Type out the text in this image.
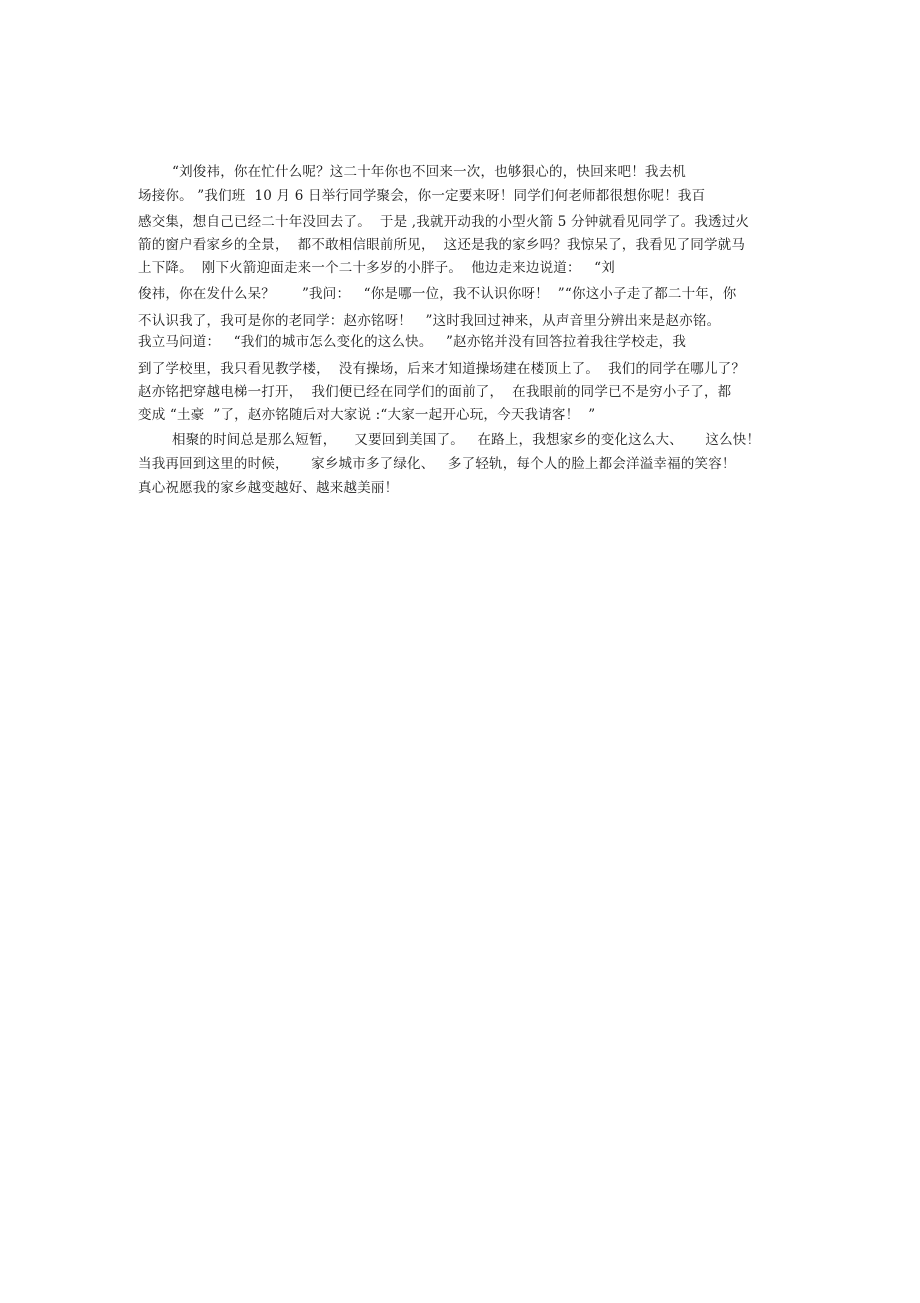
“刘俊祎，你在忙什么呢？这二十年你也不回来一次，也够狠心的，快回来吧！我去机
场接你。 ”我们班  10 月 6 日举行同学聚会，你一定要来呀！同学们何老师都很想你呢！我百
感交集，想自己已经二十年没回去了。  于是 ,我就开动我的小型火箭 5 分钟就看见同学了。我透过火
箭的窗户看家乡的全景，  都不敢相信眼前所见，  这还是我的家乡吗？我惊呆了，我看见了同学就马
上下降。  刚下火箭迎面走来一个二十多岁的小胖子。  他边走来边说道：   “刘
俊祎，你在发什么呆？      ”我问：   “你是哪一位，我不认识你呀！  ”“你这小子走了都二十年，你
不认识我了，我可是你的老同学：赵亦铭呀！   ”这时我回过神来，从声音里分辨出来是赵亦铭。
我立马问道：   “我们的城市怎么变化的这么快。   ”赵亦铭并没有回答拉着我往学校走，我
到了学校里，我只看见教学楼，  没有操场，后来才知道操场建在楼顶上了。  我们的同学在哪儿了？
赵亦铭把穿越电梯一打开，  我们便已经在同学们的面前了，  在我眼前的同学已不是穷小子了，都
变成 “土豪  ”了，赵亦铭随后对大家说 :“大家一起开心玩，今天我请客！  ”
相聚的时间总是那么短暂，    又要回到美国了。   在路上，我想家乡的变化这么大、     这么快！
当我再回到这里的时候，     家乡城市多了绿化、   多了轻轨，每个人的脸上都会洋溢幸福的笑容！
真心祝愿我的家乡越变越好、越来越美丽！
